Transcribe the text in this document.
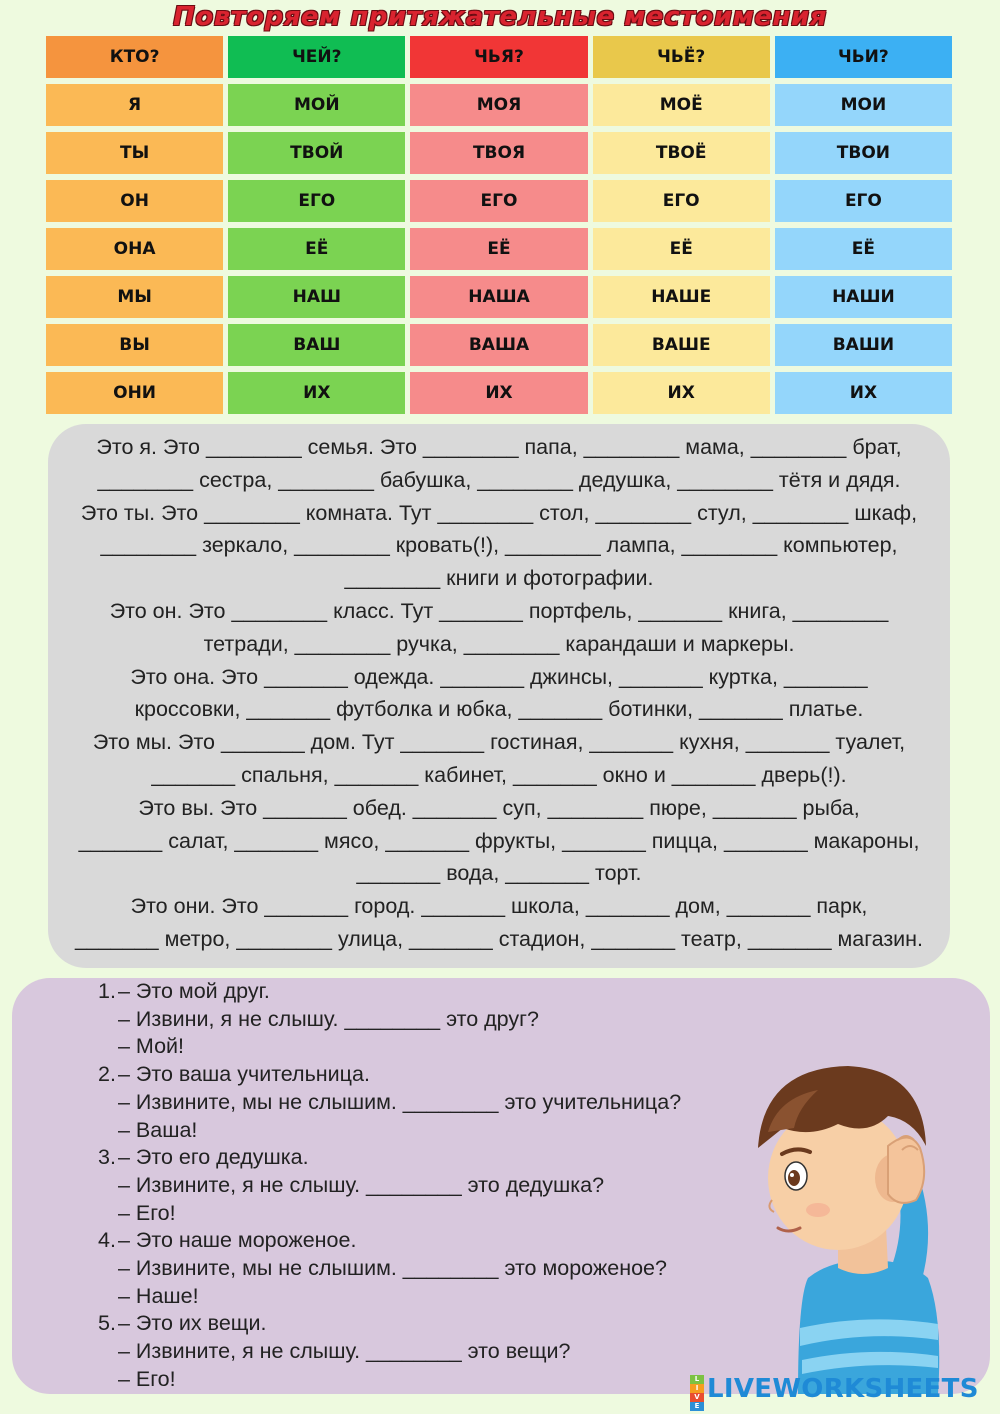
Повторяем притяжательные местоимения
КТО?	ЧЕЙ?	ЧЬЯ?	ЧЬЁ?	ЧЬИ?
Я	МОЙ	МОЯ	МОЁ	МОИ
ТЫ	ТВОЙ	ТВОЯ	ТВОЁ	ТВОИ
ОН	ЕГО	ЕГО	ЕГО	ЕГО
ОНА	ЕЁ	ЕЁ	ЕЁ	ЕЁ
МЫ	НАШ	НАША	НАШЕ	НАШИ
ВЫ	ВАШ	ВАША	ВАШЕ	ВАШИ
ОНИ	ИХ	ИХ	ИХ	ИХ
Это я. Это ________ семья. Это ________ папа, ________ мама, ________ брат,
________ сестра, ________ бабушка, ________ дедушка, ________ тётя и дядя.
Это ты. Это ________ комната. Тут ________ стол, ________ стул, ________ шкаф,
________ зеркало, ________ кровать(!), ________ лампа, ________ компьютер,
________ книги и фотографии.
Это он. Это ________ класс. Тут _______ портфель, _______ книга, ________
тетради, ________ ручка, ________ карандаши и маркеры.
Это она. Это _______ одежда. _______ джинсы, _______ куртка, _______
кроссовки, _______ футболка и юбка, _______ ботинки, _______ платье.
Это мы. Это _______ дом. Тут _______ гостиная, _______ кухня, _______ туалет,
_______ спальня, _______ кабинет, _______ окно и _______ дверь(!).
Это вы. Это _______ обед. _______ суп, ________ пюре, _______ рыба,
_______ салат, _______ мясо, _______ фрукты, _______ пицца, _______ макароны,
_______ вода, _______ торт.
Это они. Это _______ город. _______ школа, _______ дом, _______ парк,
_______ метро, ________ улица, _______ стадион, _______ театр, _______ магазин.
1. – Это мой друг.
– Извини, я не слышу. ________ это друг?
– Мой!
2. – Это ваша учительница.
– Извините, мы не слышим. ________ это учительница?
– Ваша!
3. – Это его дедушка.
– Извините, я не слышу. ________ это дедушка?
– Его!
4. – Это наше мороженое.
– Извините, мы не слышим. ________ это мороженое?
– Наше!
5. – Это их вещи.
– Извините, я не слышу. ________ это вещи?
– Его!	L
I
V
E
LIVEWORKSHEETS
